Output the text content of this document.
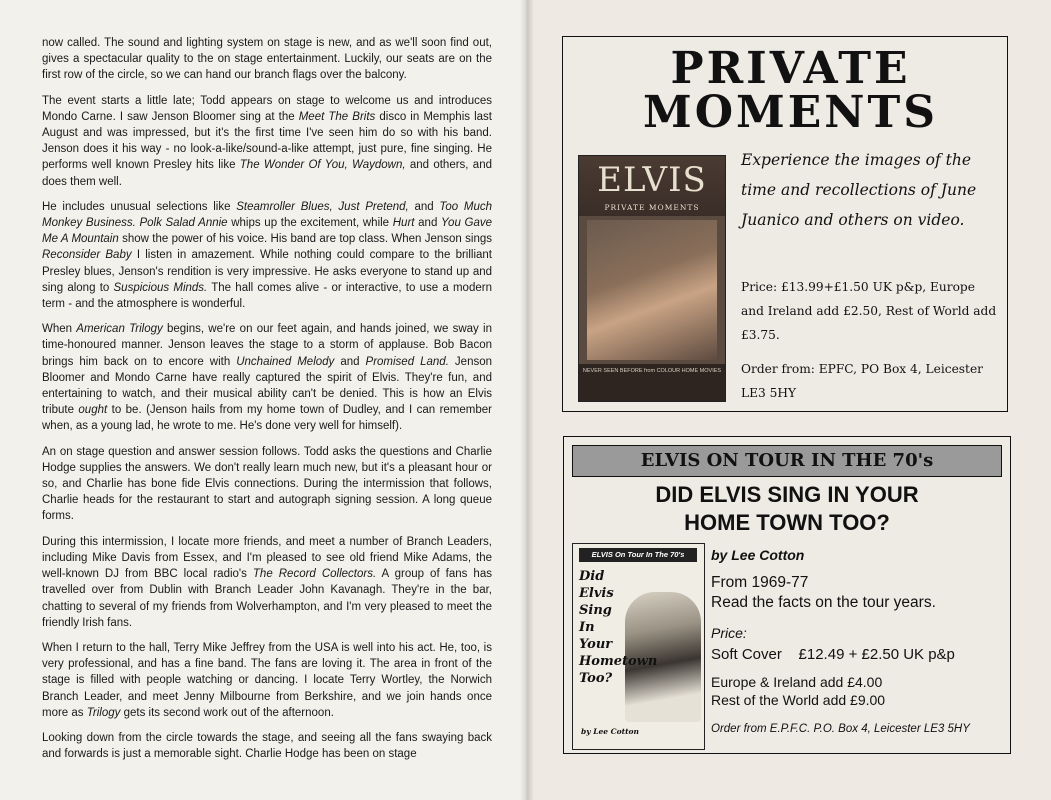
now called. The sound and lighting system on stage is new, and as we'll soon find out, gives a spectacular quality to the on stage entertainment. Luckily, our seats are on the first row of the circle, so we can hand our branch flags over the balcony.

The event starts a little late; Todd appears on stage to welcome us and introduces Mondo Carne. I saw Jenson Bloomer sing at the Meet The Brits disco in Memphis last August and was impressed, but it's the first time I've seen him do so with his band. Jenson does it his way - no look-a-like/sound-a-like attempt, just pure, fine singing. He performs well known Presley hits like The Wonder Of You, Waydown, and others, and does them well.

He includes unusual selections like Steamroller Blues, Just Pretend, and Too Much Monkey Business. Polk Salad Annie whips up the excitement, while Hurt and You Gave Me A Mountain show the power of his voice. His band are top class. When Jenson sings Reconsider Baby I listen in amazement. While nothing could compare to the brilliant Presley blues, Jenson's rendition is very impressive. He asks everyone to stand up and sing along to Suspicious Minds. The hall comes alive - or interactive, to use a modern term - and the atmosphere is wonderful.

When American Trilogy begins, we're on our feet again, and hands joined, we sway in time-honoured manner. Jenson leaves the stage to a storm of applause. Bob Bacon brings him back on to encore with Unchained Melody and Promised Land. Jenson Bloomer and Mondo Carne have really captured the spirit of Elvis. They're fun, and entertaining to watch, and their musical ability can't be denied. This is how an Elvis tribute ought to be. (Jenson hails from my home town of Dudley, and I can remember when, as a young lad, he wrote to me. He's done very well for himself).

An on stage question and answer session follows. Todd asks the questions and Charlie Hodge supplies the answers. We don't really learn much new, but it's a pleasant hour or so, and Charlie has bone fide Elvis connections. During the intermission that follows, Charlie heads for the restaurant to start and autograph signing session. A long queue forms.

During this intermission, I locate more friends, and meet a number of Branch Leaders, including Mike Davis from Essex, and I'm pleased to see old friend Mike Adams, the well-known DJ from BBC local radio's The Record Collectors. A group of fans has travelled over from Dublin with Branch Leader John Kavanagh. They're in the bar, chatting to several of my friends from Wolverhampton, and I'm very pleased to meet the friendly Irish fans.

When I return to the hall, Terry Mike Jeffrey from the USA is well into his act. He, too, is very professional, and has a fine band. The fans are loving it. The area in front of the stage is filled with people watching or dancing. I locate Terry Wortley, the Norwich Branch Leader, and meet Jenny Milbourne from Berkshire, and we join hands once more as Trilogy gets its second work out of the afternoon.

Looking down from the circle towards the stage, and seeing all the fans swaying back and forwards is just a memorable sight. Charlie Hodge has been on stage

PRIVATE
MOMENTS
ELVIS
PRIVATE MOMENTS
NEVER SEEN BEFORE from COLOUR HOME MOVIES
Experience the images of the time and recollections of June Juanico and others on video.
Price: £13.99+£1.50 UK p&p, Europe and Ireland add £2.50, Rest of World add £3.75.
Order from: EPFC, PO Box 4, Leicester LE3 5HY
ELVIS ON TOUR IN THE 70's
DID ELVIS SING IN YOUR
HOME TOWN TOO?
ELVIS On Tour In The 70's
Did
Elvis
Sing
In
Your
Hometown
Too?
by Lee Cotton
by Lee Cotton
From 1969-77
Read the facts on the tour years.
Price:
Soft Cover    £12.49 + £2.50 UK p&p
Europe & Ireland add £4.00
Rest of the World add £9.00
Order from E.P.F.C. P.O. Box 4, Leicester LE3 5HY
